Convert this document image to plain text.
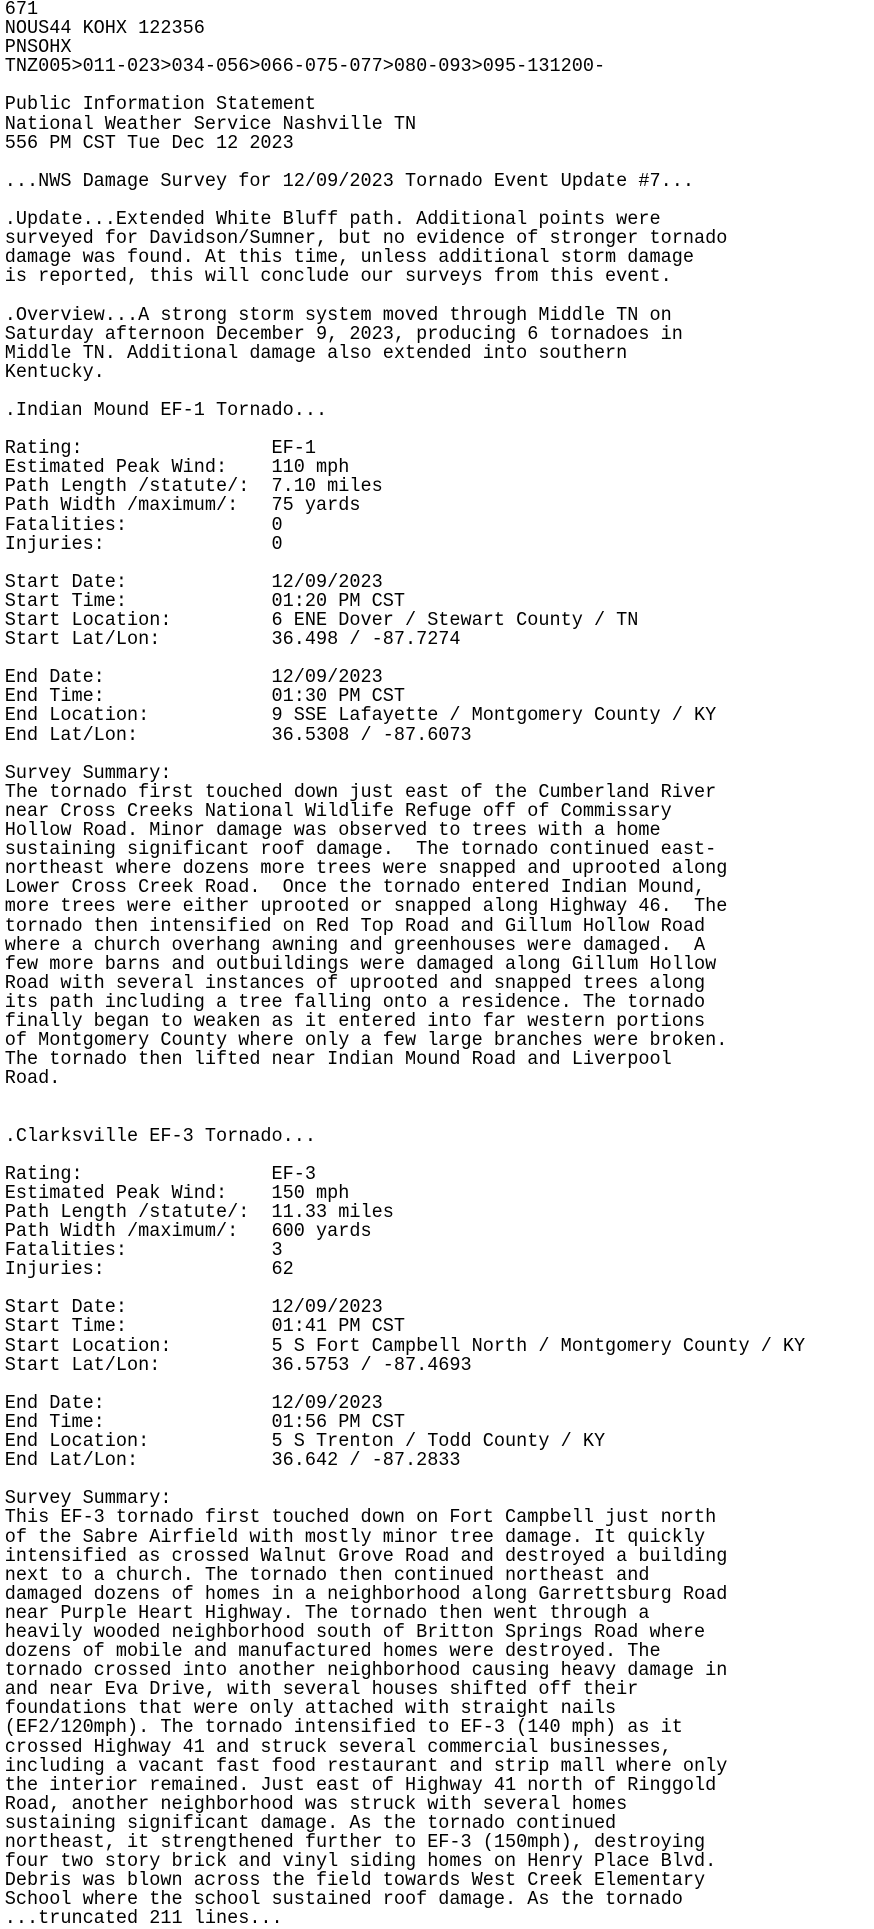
671
NOUS44 KOHX 122356
PNSOHX
TNZ005>011-023>034-056>066-075-077>080-093>095-131200-
Public Information Statement
National Weather Service Nashville TN
556 PM CST Tue Dec 12 2023
...NWS Damage Survey for 12/09/2023 Tornado Event Update #7...
.Update...Extended White Bluff path. Additional points were
surveyed for Davidson/Sumner, but no evidence of stronger tornado
damage was found. At this time, unless additional storm damage
is reported, this will conclude our surveys from this event.
.Overview...A strong storm system moved through Middle TN on
Saturday afternoon December 9, 2023, producing 6 tornadoes in
Middle TN. Additional damage also extended into southern
Kentucky.
.Indian Mound EF-1 Tornado...
Rating:                 EF-1
Estimated Peak Wind:    110 mph
Path Length /statute/:  7.10 miles
Path Width /maximum/:   75 yards
Fatalities:             0
Injuries:               0
Start Date:             12/09/2023
Start Time:             01:20 PM CST
Start Location:         6 ENE Dover / Stewart County / TN
Start Lat/Lon:          36.498 / -87.7274
End Date:               12/09/2023
End Time:               01:30 PM CST
End Location:           9 SSE Lafayette / Montgomery County / KY
End Lat/Lon:            36.5308 / -87.6073
Survey Summary:
The tornado first touched down just east of the Cumberland River
near Cross Creeks National Wildlife Refuge off of Commissary
Hollow Road. Minor damage was observed to trees with a home
sustaining significant roof damage.  The tornado continued east-
northeast where dozens more trees were snapped and uprooted along
Lower Cross Creek Road.  Once the tornado entered Indian Mound,
more trees were either uprooted or snapped along Highway 46.  The
tornado then intensified on Red Top Road and Gillum Hollow Road
where a church overhang awning and greenhouses were damaged.  A
few more barns and outbuildings were damaged along Gillum Hollow
Road with several instances of uprooted and snapped trees along
its path including a tree falling onto a residence. The tornado
finally began to weaken as it entered into far western portions
of Montgomery County where only a few large branches were broken.
The tornado then lifted near Indian Mound Road and Liverpool
Road.
.Clarksville EF-3 Tornado...
Rating:                 EF-3
Estimated Peak Wind:    150 mph
Path Length /statute/:  11.33 miles
Path Width /maximum/:   600 yards
Fatalities:             3
Injuries:               62
Start Date:             12/09/2023
Start Time:             01:41 PM CST
Start Location:         5 S Fort Campbell North / Montgomery County / KY
Start Lat/Lon:          36.5753 / -87.4693
End Date:               12/09/2023
End Time:               01:56 PM CST
End Location:           5 S Trenton / Todd County / KY
End Lat/Lon:            36.642 / -87.2833
Survey Summary:
This EF-3 tornado first touched down on Fort Campbell just north
of the Sabre Airfield with mostly minor tree damage. It quickly
intensified as crossed Walnut Grove Road and destroyed a building
next to a church. The tornado then continued northeast and
damaged dozens of homes in a neighborhood along Garrettsburg Road
near Purple Heart Highway. The tornado then went through a
heavily wooded neighborhood south of Britton Springs Road where
dozens of mobile and manufactured homes were destroyed. The
tornado crossed into another neighborhood causing heavy damage in
and near Eva Drive, with several houses shifted off their
foundations that were only attached with straight nails
(EF2/120mph). The tornado intensified to EF-3 (140 mph) as it
crossed Highway 41 and struck several commercial businesses,
including a vacant fast food restaurant and strip mall where only
the interior remained. Just east of Highway 41 north of Ringgold
Road, another neighborhood was struck with several homes
sustaining significant damage. As the tornado continued
northeast, it strengthened further to EF-3 (150mph), destroying
four two story brick and vinyl siding homes on Henry Place Blvd.
Debris was blown across the field towards West Creek Elementary
School where the school sustained roof damage. As the tornado
...truncated 211 lines...
